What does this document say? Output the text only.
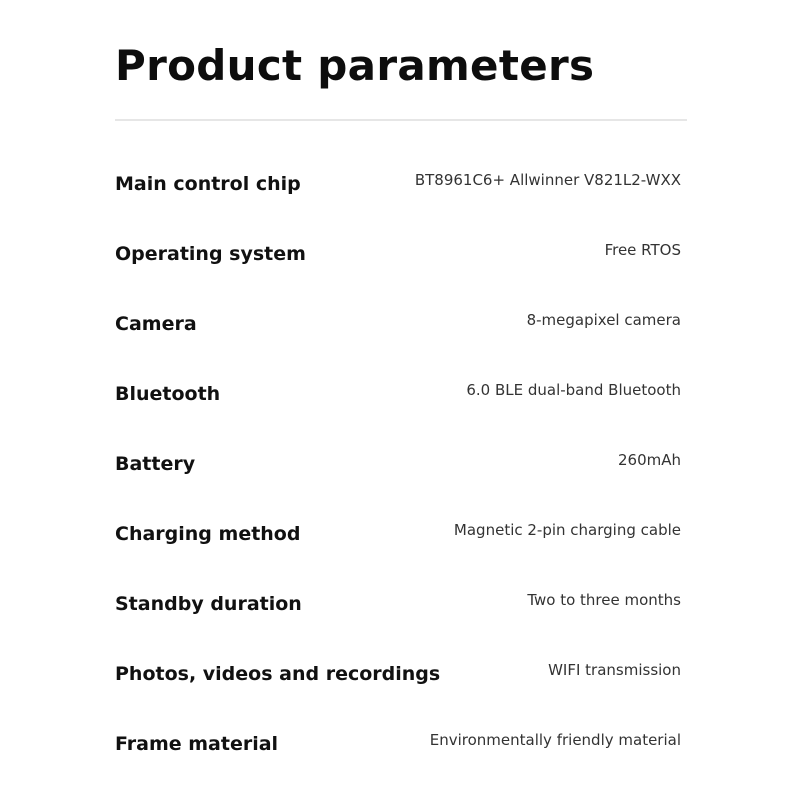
Product parameters
Main control chip	BT8961C6+ Allwinner V821L2-WXX
Operating system	Free RTOS
Camera	8-megapixel camera
Bluetooth	6.0 BLE dual-band Bluetooth
Battery	260mAh
Charging method	Magnetic 2-pin charging cable
Standby duration	Two to three months
Photos, videos and recordings	WIFI transmission
Frame material	Environmentally friendly material
